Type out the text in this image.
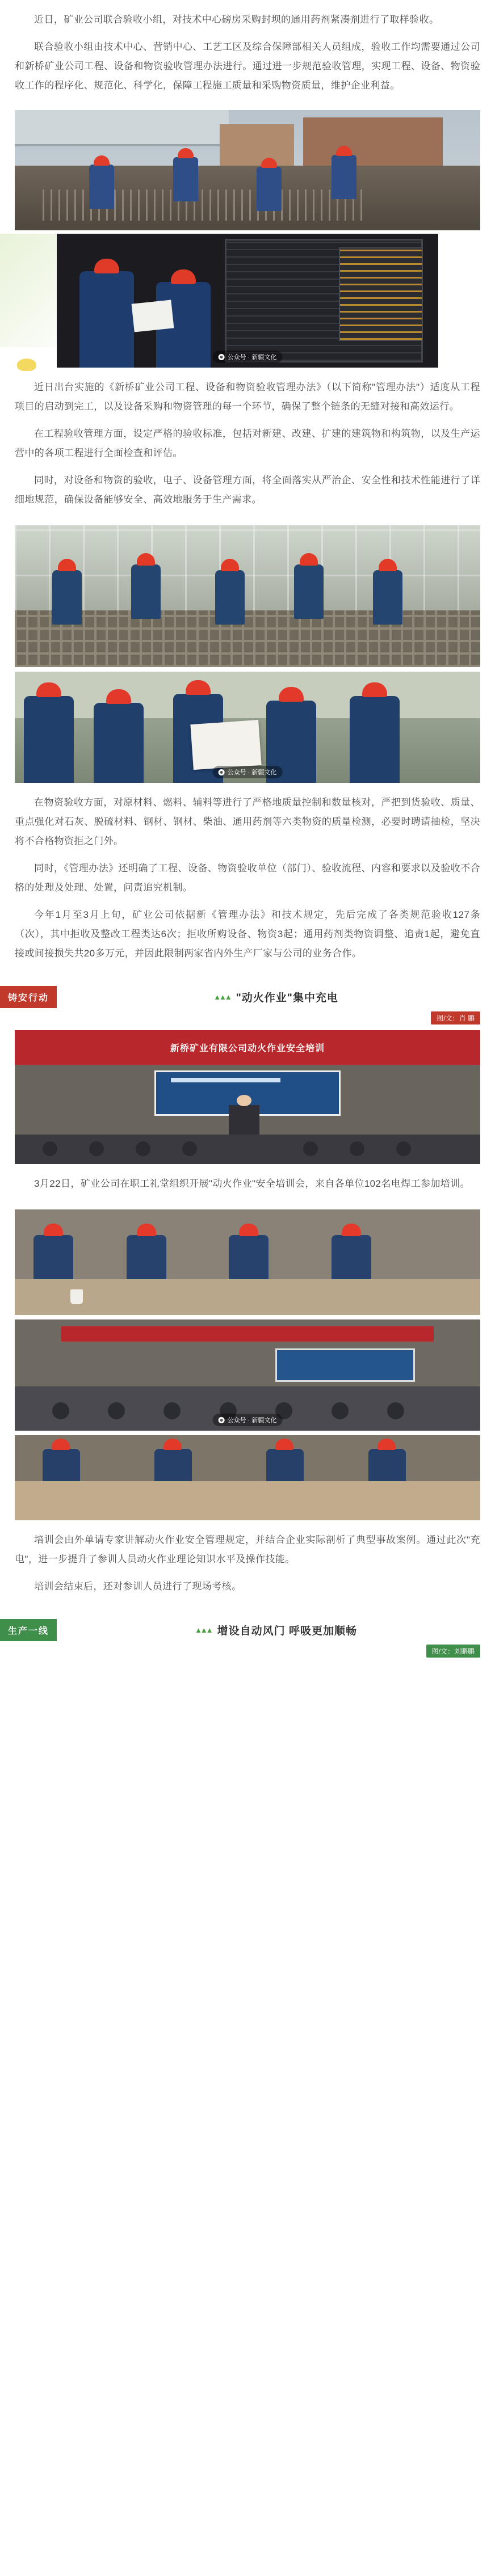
近日，矿业公司联合验收小组，对技术中心磅房采购封坝的通用药剂紧凑剂进行了取样验收。

联合验收小组由技术中心、营销中心、工艺工区及综合保障部相关人员组成，验收工作均需要通过公司和新桥矿业公司工程、设备和物资验收管理办法进行。通过进一步规范验收管理，实现工程、设备、物资验收工作的程序化、规范化、科学化，保障工程施工质量和采购物资质量，维护企业利益。

公众号 · 新疆文化

近日出台实施的《新桥矿业公司工程、设备和物资验收管理办法》（以下简称"管理办法"）适度从工程项目的启动到完工，以及设备采购和物资管理的每一个环节，确保了整个链条的无缝对接和高效运行。

在工程验收管理方面，设定严格的验收标准，包括对新建、改建、扩建的建筑物和构筑物，以及生产运营中的各项工程进行全面检查和评估。

同时，对设备和物资的验收，电子、设备管理方面，将全面落实从严治企、安全性和技术性能进行了详细地规范，确保设备能够安全、高效地服务于生产需求。

公众号 · 新疆文化

在物资验收方面，对原材料、燃料、辅料等进行了严格地质量控制和数量核对，严把到货验收、质量、重点强化对石灰、脱硫材料、钢材、钢材、柴油、通用药剂等六类物资的质量检测，必要时聘请抽检，坚决将不合格物资拒之门外。

同时，《管理办法》还明确了工程、设备、物资验收单位（部门）、验收流程、内容和要求以及验收不合格的处理及处理、处置，问责追究机制。

今年1月至3月上旬，矿业公司依据新《管理办法》和技术规定，先后完成了各类规范验收127条（次），其中拒收及整改工程类达6次；拒收所购设备、物资3起；通用药剂类物资调整、追责1起，避免直接或间接损失共20多万元，并因此限制两家省内外生产厂家与公司的业务合作。

铸安行动	▲▲▲ "动火作业"集中充电
图/文：肖 鹏
新桥矿业有限公司动火作业安全培训

3月22日，矿业公司在职工礼堂组织开展"动火作业"安全培训会，来自各单位102名电焊工参加培训。

公众号 · 新疆文化

培训会由外单请专家讲解动火作业安全管理规定，并结合企业实际剖析了典型事故案例。通过此次"充电"，进一步提升了参训人员动火作业理论知识水平及操作技能。

培训会结束后，还对参训人员进行了现场考核。

生产一线	▲▲▲ 增设自动风门 呼吸更加顺畅
图/文：刘鹏鹏
